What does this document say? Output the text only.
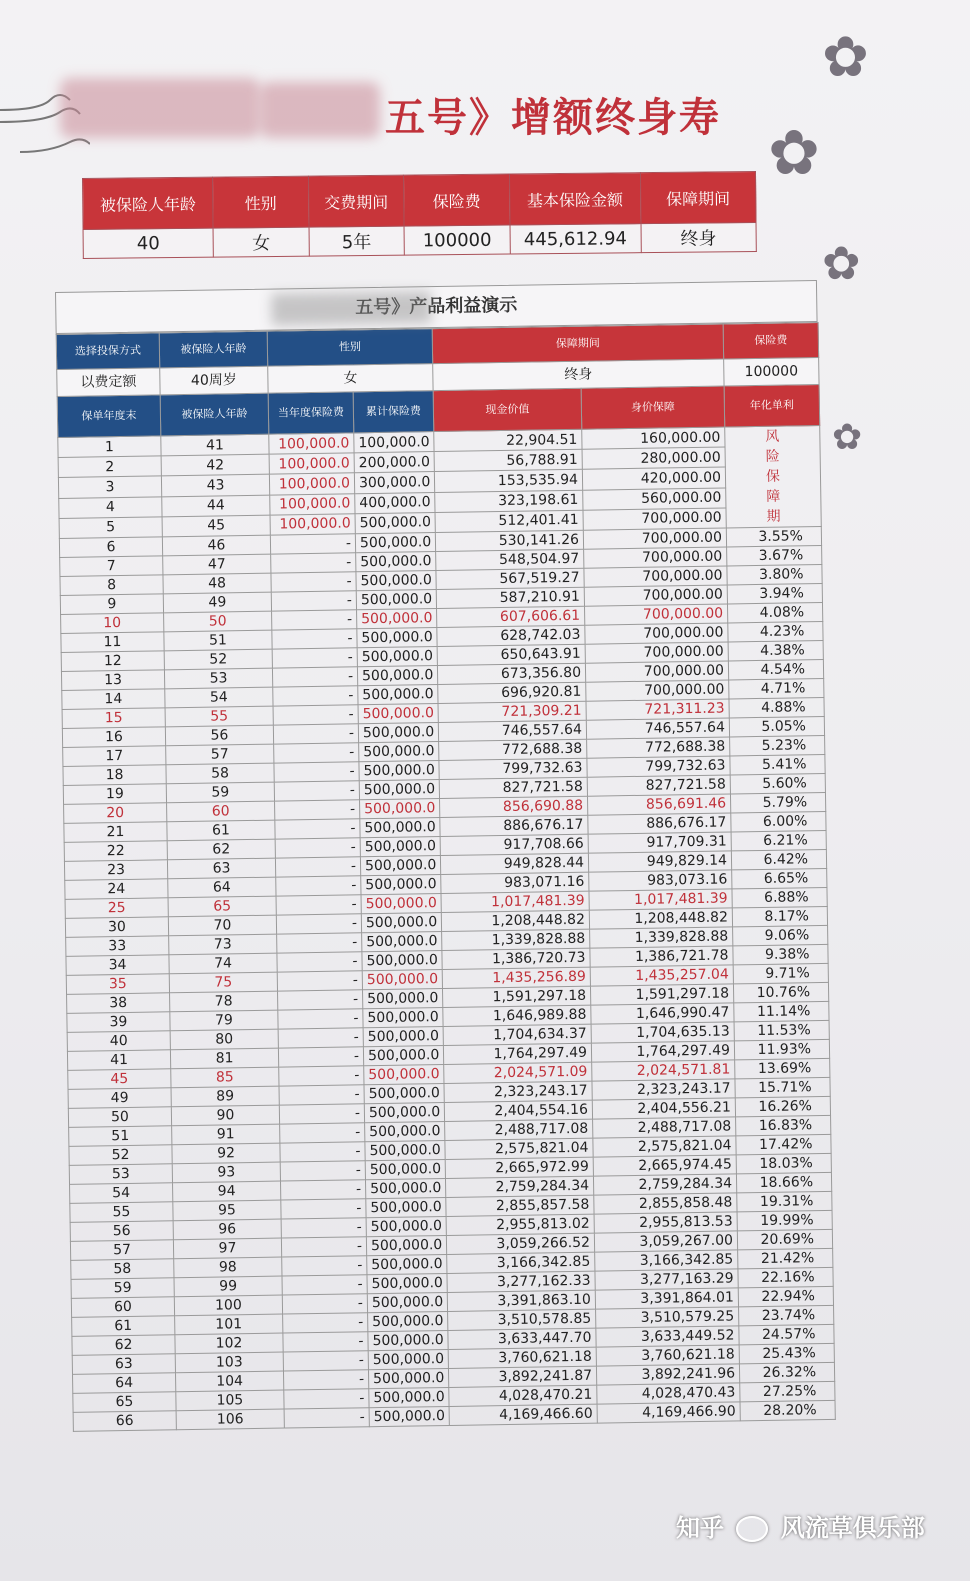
✿
✿
✿
✿
五号》增额终身寿
被保险人年龄	性别	交费期间	保险费	基本保险金额	保障期间
40	女	5年	100000	445,612.94	终身
五号》产品利益演示
选择投保方式	被保险人年龄	性别		保障期间		保险费
以费定额	40周岁	女		终身		100000
保单年度末	被保险人年龄	当年度保险费	累计保险费	现金价值	身价保障	年化单利
1	41	100,000.0	100,000.0	22,904.51	160,000.00	风险保障期
2	42	100,000.0	200,000.0	56,788.91	280,000.00	
3	43	100,000.0	300,000.0	153,535.94	420,000.00	
4	44	100,000.0	400,000.0	323,198.61	560,000.00	
5	45	100,000.0	500,000.0	512,401.41	700,000.00	
6	46	-	500,000.0	530,141.26	700,000.00	3.55%
7	47	-	500,000.0	548,504.97	700,000.00	3.67%
8	48	-	500,000.0	567,519.27	700,000.00	3.80%
9	49	-	500,000.0	587,210.91	700,000.00	3.94%
10	50	-	500,000.0	607,606.61	700,000.00	4.08%
11	51	-	500,000.0	628,742.03	700,000.00	4.23%
12	52	-	500,000.0	650,643.91	700,000.00	4.38%
13	53	-	500,000.0	673,356.80	700,000.00	4.54%
14	54	-	500,000.0	696,920.81	700,000.00	4.71%
15	55	-	500,000.0	721,309.21	721,311.23	4.88%
16	56	-	500,000.0	746,557.64	746,557.64	5.05%
17	57	-	500,000.0	772,688.38	772,688.38	5.23%
18	58	-	500,000.0	799,732.63	799,732.63	5.41%
19	59	-	500,000.0	827,721.58	827,721.58	5.60%
20	60	-	500,000.0	856,690.88	856,691.46	5.79%
21	61	-	500,000.0	886,676.17	886,676.17	6.00%
22	62	-	500,000.0	917,708.66	917,709.31	6.21%
23	63	-	500,000.0	949,828.44	949,829.14	6.42%
24	64	-	500,000.0	983,071.16	983,073.16	6.65%
25	65	-	500,000.0	1,017,481.39	1,017,481.39	6.88%
30	70	-	500,000.0	1,208,448.82	1,208,448.82	8.17%
33	73	-	500,000.0	1,339,828.88	1,339,828.88	9.06%
34	74	-	500,000.0	1,386,720.73	1,386,721.78	9.38%
35	75	-	500,000.0	1,435,256.89	1,435,257.04	9.71%
38	78	-	500,000.0	1,591,297.18	1,591,297.18	10.76%
39	79	-	500,000.0	1,646,989.88	1,646,990.47	11.14%
40	80	-	500,000.0	1,704,634.37	1,704,635.13	11.53%
41	81	-	500,000.0	1,764,297.49	1,764,297.49	11.93%
45	85	-	500,000.0	2,024,571.09	2,024,571.81	13.69%
49	89	-	500,000.0	2,323,243.17	2,323,243.17	15.71%
50	90	-	500,000.0	2,404,554.16	2,404,556.21	16.26%
51	91	-	500,000.0	2,488,717.08	2,488,717.08	16.83%
52	92	-	500,000.0	2,575,821.04	2,575,821.04	17.42%
53	93	-	500,000.0	2,665,972.99	2,665,974.45	18.03%
54	94	-	500,000.0	2,759,284.34	2,759,284.34	18.66%
55	95	-	500,000.0	2,855,857.58	2,855,858.48	19.31%
56	96	-	500,000.0	2,955,813.02	2,955,813.53	19.99%
57	97	-	500,000.0	3,059,266.52	3,059,267.00	20.69%
58	98	-	500,000.0	3,166,342.85	3,166,342.85	21.42%
59	99	-	500,000.0	3,277,162.33	3,277,163.29	22.16%
60	100	-	500,000.0	3,391,863.10	3,391,864.01	22.94%
61	101	-	500,000.0	3,510,578.85	3,510,579.25	23.74%
62	102	-	500,000.0	3,633,447.70	3,633,449.52	24.57%
63	103	-	500,000.0	3,760,621.18	3,760,621.18	25.43%
64	104	-	500,000.0	3,892,241.87	3,892,241.96	26.32%
65	105	-	500,000.0	4,028,470.21	4,028,470.43	27.25%
66	106	-	500,000.0	4,169,466.60	4,169,466.90	28.20%
知乎 风流草俱乐部
